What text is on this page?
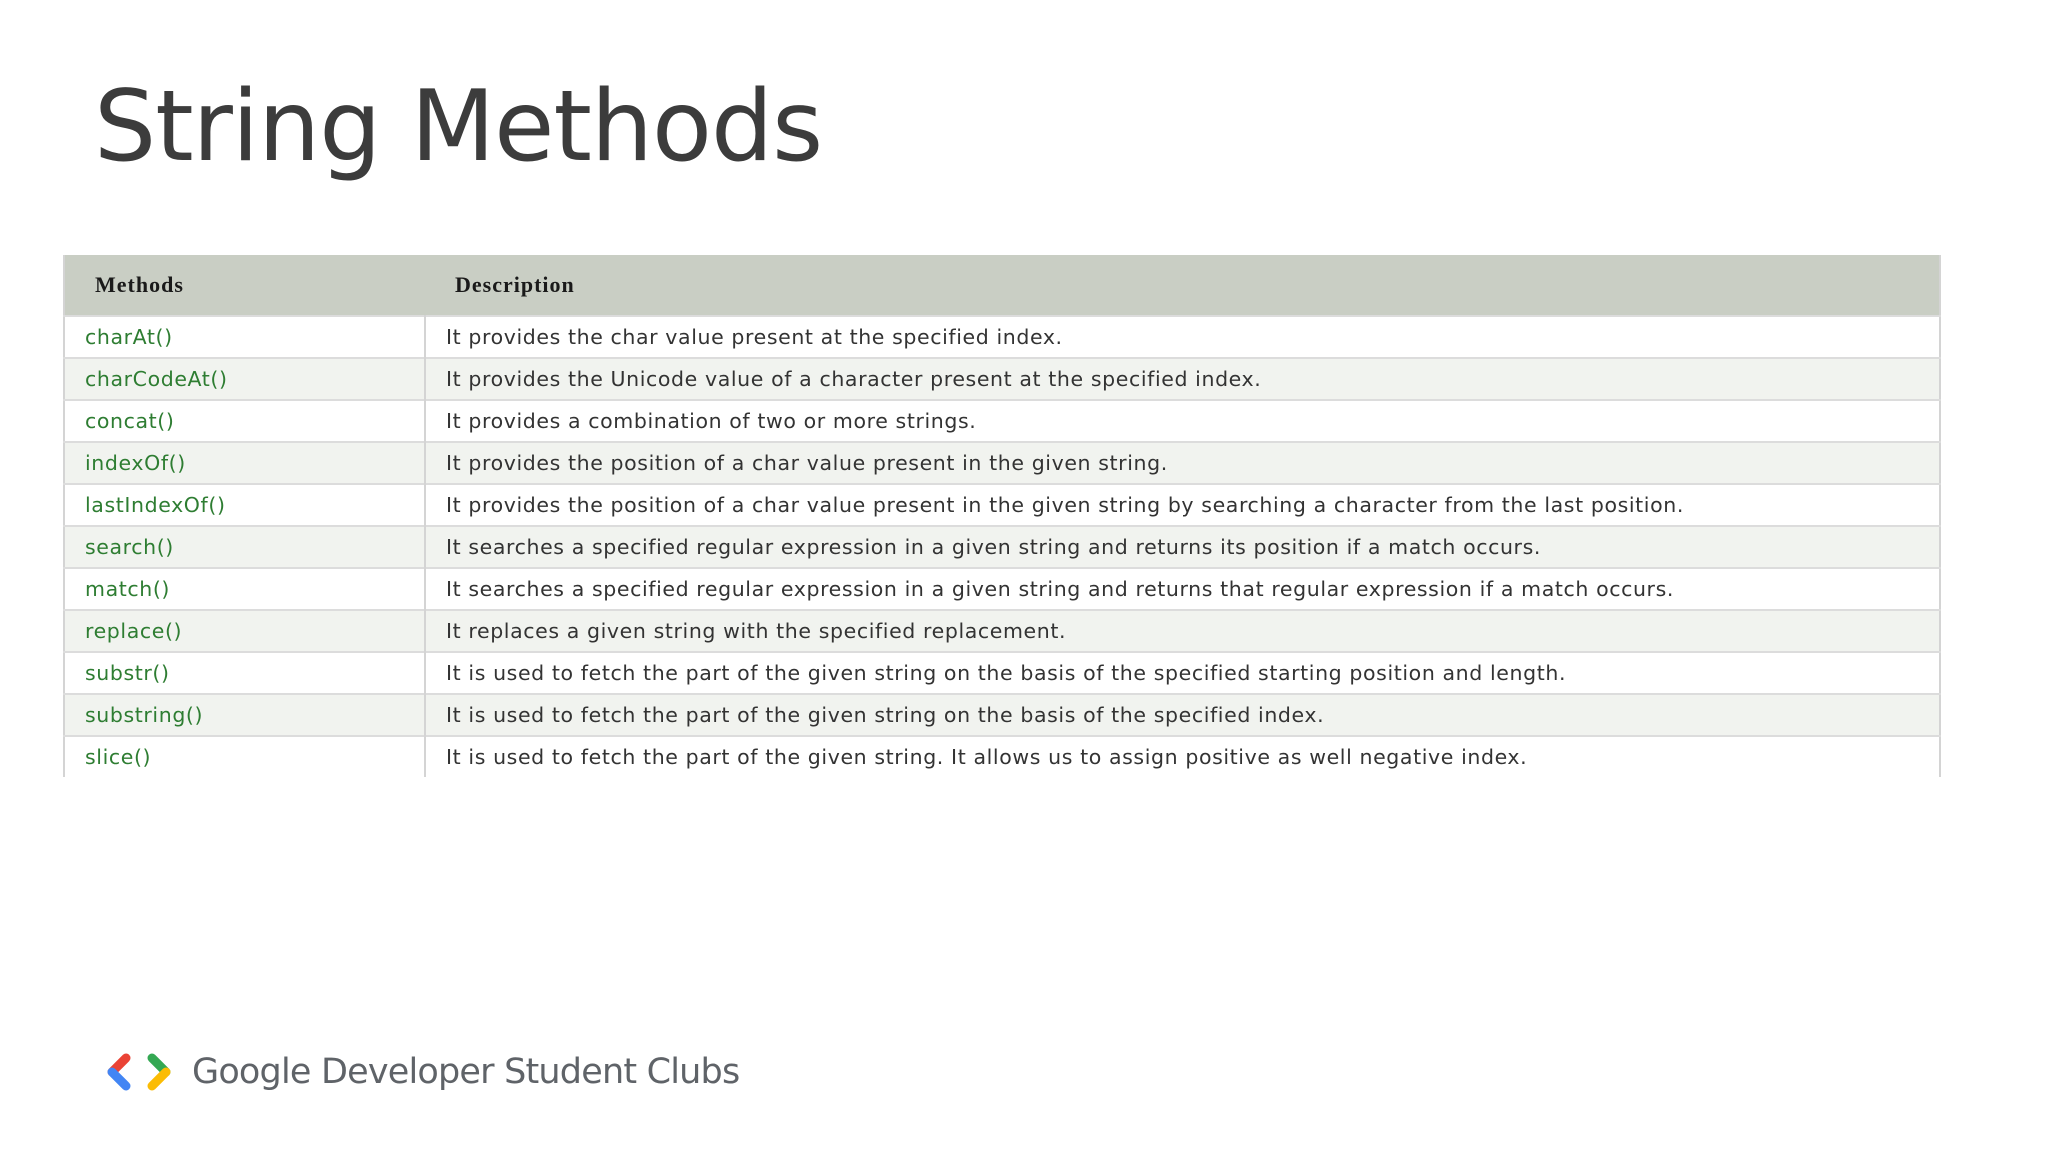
String Methods
Methods	Description
charAt()	It provides the char value present at the specified index.
charCodeAt()	It provides the Unicode value of a character present at the specified index.
concat()	It provides a combination of two or more strings.
indexOf()	It provides the position of a char value present in the given string.
lastIndexOf()	It provides the position of a char value present in the given string by searching a character from the last position.
search()	It searches a specified regular expression in a given string and returns its position if a match occurs.
match()	It searches a specified regular expression in a given string and returns that regular expression if a match occurs.
replace()	It replaces a given string with the specified replacement.
substr()	It is used to fetch the part of the given string on the basis of the specified starting position and length.
substring()	It is used to fetch the part of the given string on the basis of the specified index.
slice()	It is used to fetch the part of the given string. It allows us to assign positive as well negative index.
Google Developer Student Clubs
